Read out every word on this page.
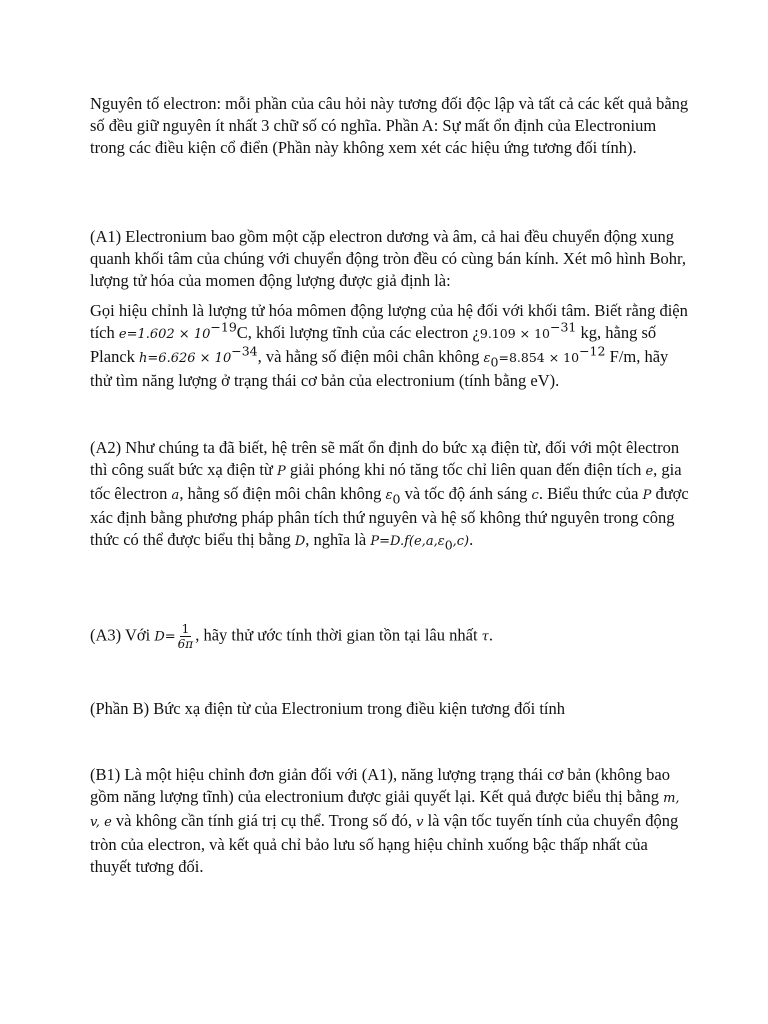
Nguyên tố electron: mỗi phần của câu hỏi này tương đối độc lập và tất cả các kết quả bằng số đều giữ nguyên ít nhất 3 chữ số có nghĩa. Phần A: Sự mất ổn định của Electronium trong các điều kiện cổ điển (Phần này không xem xét các hiệu ứng tương đối tính).

(A1) Electronium bao gồm một cặp electron dương và âm, cả hai đều chuyển động xung quanh khối tâm của chúng với chuyển động tròn đều có cùng bán kính. Xét mô hình Bohr, lượng tử hóa của momen động lượng được giả định là:

Gọi hiệu chỉnh là lượng tử hóa mômen động lượng của hệ đối với khối tâm. Biết rằng điện tích $e=1.602 \times 10^{-19}C$, khối lượng tĩnh của các electron ¿$9.109 \times 10^{-31}$ kg, hằng số Planck $h=6.626 \times 10^{-34}$, và hằng số điện môi chân không $\varepsilon_0=8.854 \times 10^{-12}$ F/m, hãy thử tìm năng lượng ở trạng thái cơ bản của electronium (tính bằng eV).

(A2) Như chúng ta đã biết, hệ trên sẽ mất ổn định do bức xạ điện từ, đối với một êlectron thì công suất bức xạ điện từ P giải phóng khi nó tăng tốc chỉ liên quan đến điện tích e, gia tốc êlectron a, hằng số điện môi chân không $\varepsilon_0$ và tốc độ ánh sáng c. Biểu thức của P được xác định bằng phương pháp phân tích thứ nguyên và hệ số không thứ nguyên trong công thức có thể được biểu thị bằng D, nghĩa là $P=D.f(e,a,\varepsilon_0,c)$.

(A3) Với $D= \frac{1}{6\pi}$ , hãy thử ước tính thời gian tồn tại lâu nhất τ.

(Phần B) Bức xạ điện từ của Electronium trong điều kiện tương đối tính

(B1) Là một hiệu chỉnh đơn giản đối với (A1), năng lượng trạng thái cơ bản (không bao gồm năng lượng tĩnh) của electronium được giải quyết lại. Kết quả được biểu thị bằng m, v, e và không cần tính giá trị cụ thể. Trong số đó, v là vận tốc tuyến tính của chuyển động tròn của electron, và kết quả chỉ bảo lưu số hạng hiệu chỉnh xuống bậc thấp nhất của thuyết tương đối.
